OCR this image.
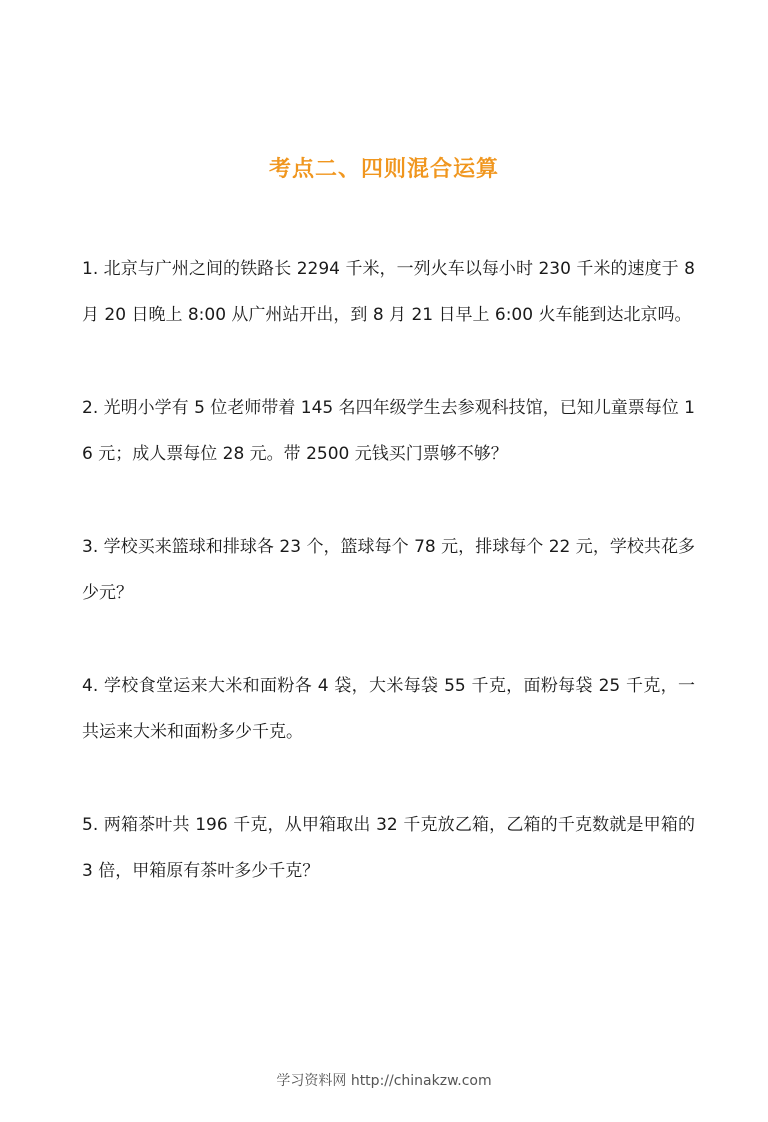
考点二、四则混合运算
1. 北京与广州之间的铁路长 2294 千米，一列火车以每小时 230 千米的速度于 8 月 20 日晚上 8:00 从广州站开出，到 8 月 21 日早上 6:00 火车能到达北京吗。
2. 光明小学有 5 位老师带着 145 名四年级学生去参观科技馆，已知儿童票每位 16 元；成人票每位 28 元。带 2500 元钱买门票够不够？
3. 学校买来篮球和排球各 23 个，篮球每个 78 元，排球每个 22 元，学校共花多少元？
4. 学校食堂运来大米和面粉各 4 袋，大米每袋 55 千克，面粉每袋 25 千克，一共运来大米和面粉多少千克。
5. 两箱茶叶共 196 千克，从甲箱取出 32 千克放乙箱，乙箱的千克数就是甲箱的 3 倍，甲箱原有茶叶多少千克？
学习资料网 http://chinakzw.com
